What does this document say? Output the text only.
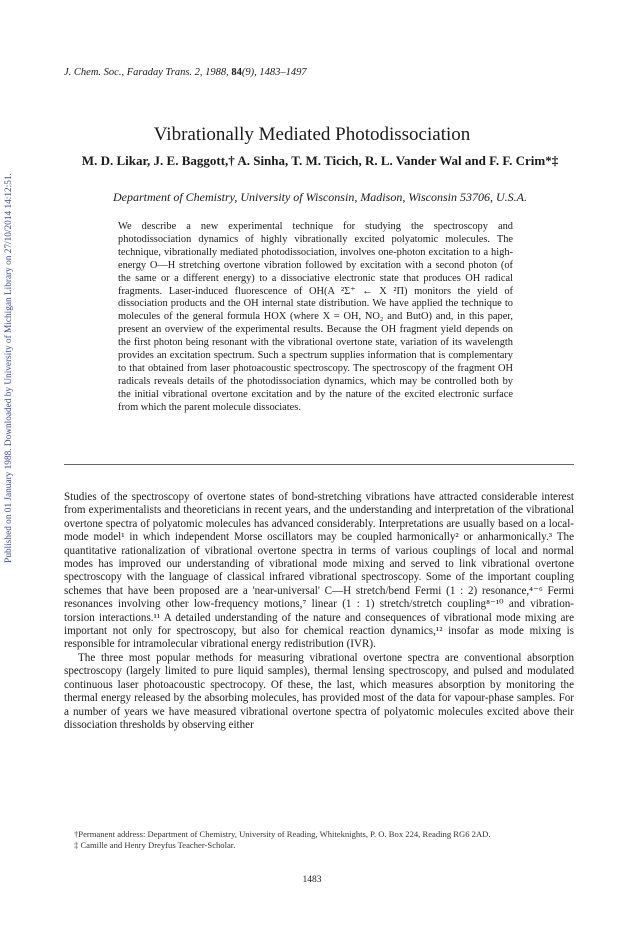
Published on 01 January 1988. Downloaded by University of Michigan Library on 27/10/2014 14:12:51.
J. Chem. Soc., Faraday Trans. 2, 1988, 84(9), 1483–1497
Vibrationally Mediated Photodissociation

M. D. Likar, J. E. Baggott,† A. Sinha, T. M. Ticich, R. L. Vander Wal and F. F. Crim*‡

Department of Chemistry, University of Wisconsin, Madison, Wisconsin 53706, U.S.A.

We describe a new experimental technique for studying the spectroscopy and photodissociation dynamics of highly vibrationally excited polyatomic molecules. The technique, vibrationally mediated photodissociation, involves one-photon excitation to a high-energy O—H stretching overtone vibration followed by excitation with a second photon (of the same or a different energy) to a dissociative electronic state that produces OH radical fragments. Laser-induced fluorescence of OH(A ²Σ⁺ ← X ²Π) monitors the yield of dissociation products and the OH internal state distribution. We have applied the technique to molecules of the general formula HOX (where X = OH, NO₂ and ButO) and, in this paper, present an overview of the experimental results. Because the OH fragment yield depends on the first photon being resonant with the vibrational overtone state, variation of its wavelength provides an excitation spectrum. Such a spectrum supplies information that is complementary to that obtained from laser photoacoustic spectroscopy. The spectroscopy of the fragment OH radicals reveals details of the photodissociation dynamics, which may be controlled both by the initial vibrational overtone excitation and by the nature of the excited electronic surface from which the parent molecule dissociates.

Studies of the spectroscopy of overtone states of bond-stretching vibrations have attracted considerable interest from experimentalists and theoreticians in recent years, and the understanding and interpretation of the vibrational overtone spectra of polyatomic molecules has advanced considerably. Interpretations are usually based on a local-mode model¹ in which independent Morse oscillators may be coupled harmonically² or anharmonically.³ The quantitative rationalization of vibrational overtone spectra in terms of various couplings of local and normal modes has improved our understanding of vibrational mode mixing and served to link vibrational overtone spectroscopy with the language of classical infrared vibrational spectroscopy. Some of the important coupling schemes that have been proposed are a 'near-universal' C—H stretch/bend Fermi (1 : 2) resonance,⁴⁻⁶ Fermi resonances involving other low-frequency motions,⁷ linear (1 : 1) stretch/stretch coupling⁸⁻¹⁰ and vibration-torsion interactions.¹¹ A detailed understanding of the nature and consequences of vibrational mode mixing are important not only for spectroscopy, but also for chemical reaction dynamics,¹² insofar as mode mixing is responsible for intramolecular vibrational energy redistribution (IVR).

The three most popular methods for measuring vibrational overtone spectra are conventional absorption spectroscopy (largely limited to pure liquid samples), thermal lensing spectroscopy, and pulsed and modulated continuous laser photoacoustic spectrocopy. Of these, the last, which measures absorption by monitoring the thermal energy released by the absorbing molecules, has provided most of the data for vapour-phase samples. For a number of years we have measured vibrational overtone spectra of polyatomic molecules excited above their dissociation thresholds by observing either

†Permanent address: Department of Chemistry, University of Reading, Whiteknights, P. O. Box 224, Reading RG6 2AD.

‡ Camille and Henry Dreyfus Teacher-Scholar.

1483
